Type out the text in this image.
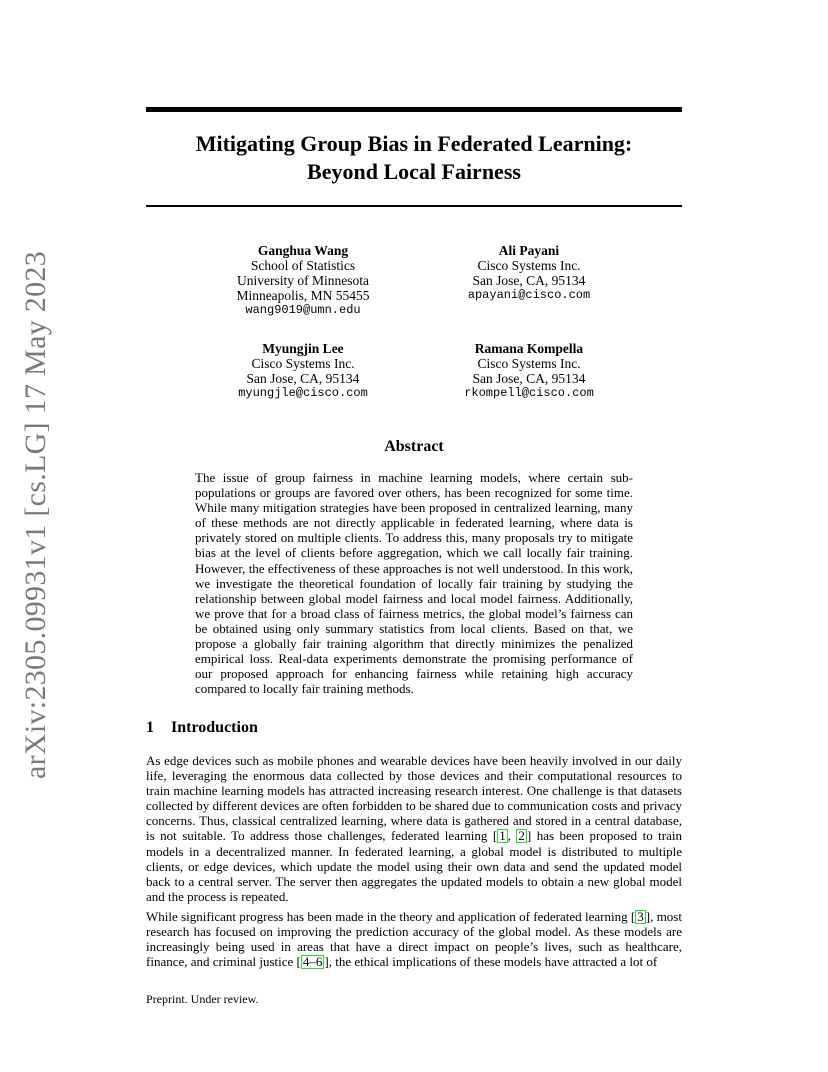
arXiv:2305.09931v1 [cs.LG] 17 May 2023
Mitigating Group Bias in Federated Learning:
Beyond Local Fairness
Ganghua Wang
School of Statistics
University of Minnesota
Minneapolis, MN 55455
wang9019@umn.edu
Ali Payani
Cisco Systems Inc.
San Jose, CA, 95134
apayani@cisco.com
Myungjin Lee
Cisco Systems Inc.
San Jose, CA, 95134
myungjle@cisco.com
Ramana Kompella
Cisco Systems Inc.
San Jose, CA, 95134
rkompell@cisco.com
Abstract
The issue of group fairness in machine learning models, where certain sub-populations or groups are favored over others, has been recognized for some time. While many mitigation strategies have been proposed in centralized learning, many of these methods are not directly applicable in federated learning, where data is privately stored on multiple clients. To address this, many proposals try to mitigate bias at the level of clients before aggregation, which we call locally fair training. However, the effectiveness of these approaches is not well understood. In this work, we investigate the theoretical foundation of locally fair training by studying the relationship between global model fairness and local model fairness. Additionally, we prove that for a broad class of fairness metrics, the global model’s fairness can be obtained using only summary statistics from local clients. Based on that, we propose a globally fair training algorithm that directly minimizes the penalized empirical loss. Real-data experiments demonstrate the promising performance of our proposed approach for enhancing fairness while retaining high accuracy compared to locally fair training methods.
1 Introduction

As edge devices such as mobile phones and wearable devices have been heavily involved in our daily life, leveraging the enormous data collected by those devices and their computational resources to train machine learning models has attracted increasing research interest. One challenge is that datasets collected by different devices are often forbidden to be shared due to communication costs and privacy concerns. Thus, classical centralized learning, where data is gathered and stored in a central database, is not suitable. To address those challenges, federated learning [ 1 , 2 ] has been proposed to train models in a decentralized manner. In federated learning, a global model is distributed to multiple clients, or edge devices, which update the model using their own data and send the updated model back to a central server. The server then aggregates the updated models to obtain a new global model and the process is repeated.

While significant progress has been made in the theory and application of federated learning [ 3 ], most research has focused on improving the prediction accuracy of the global model. As these models are increasingly being used in areas that have a direct impact on people’s lives, such as healthcare, finance, and criminal justice [ 4–6 ], the ethical implications of these models have attracted a lot of

Preprint. Under review.
